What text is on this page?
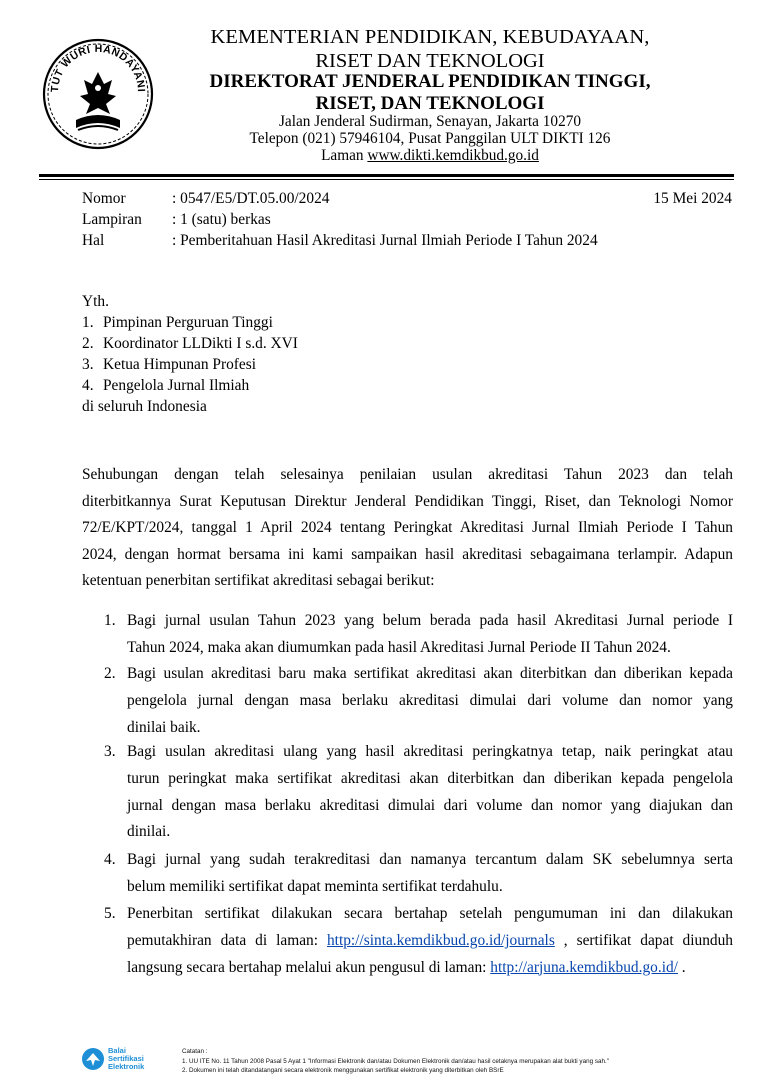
TUT WURI HANDAYANI
KEMENTERIAN PENDIDIKAN, KEBUDAYAAN,
RISET DAN TEKNOLOGI
DIREKTORAT JENDERAL PENDIDIKAN TINGGI,
RISET, DAN TEKNOLOGI
Jalan Jenderal Sudirman, Senayan, Jakarta 10270
Telepon (021) 57946104, Pusat Panggilan ULT DIKTI 126
Laman www.dikti.kemdikbud.go.id
Nomor	: 0547/E5/DT.05.00/2024	15 Mei 2024
Lampiran : 1 (satu) berkas
Hal	: Pemberitahuan Hasil Akreditasi Jurnal Ilmiah Periode I Tahun 2024
Yth.
1. Pimpinan Perguruan Tinggi
2. Koordinator LLDikti I s.d. XVI
3. Ketua Himpunan Profesi
4. Pengelola Jurnal Ilmiah
di seluruh Indonesia
Sehubungan dengan telah selesainya penilaian usulan akreditasi Tahun 2023 dan telah
diterbitkannya Surat Keputusan Direktur Jenderal Pendidikan Tinggi, Riset, dan Teknologi Nomor
72/E/KPT/2024, tanggal 1 April 2024 tentang Peringkat Akreditasi Jurnal Ilmiah Periode I Tahun
2024, dengan hormat bersama ini kami sampaikan hasil akreditasi sebagaimana terlampir. Adapun
ketentuan penerbitan sertifikat akreditasi sebagai berikut:
1. Bagi jurnal usulan Tahun 2023 yang belum berada pada hasil Akreditasi Jurnal periode I
Tahun 2024, maka akan diumumkan pada hasil Akreditasi Jurnal Periode II Tahun 2024.
2. Bagi usulan akreditasi baru maka sertifikat akreditasi akan diterbitkan dan diberikan kepada
pengelola jurnal dengan masa berlaku akreditasi dimulai dari volume dan nomor yang
dinilai baik.
3. Bagi usulan akreditasi ulang yang hasil akreditasi peringkatnya tetap, naik peringkat atau
turun peringkat maka sertifikat akreditasi akan diterbitkan dan diberikan kepada pengelola
jurnal dengan masa berlaku akreditasi dimulai dari volume dan nomor yang diajukan dan
dinilai.
4. Bagi jurnal yang sudah terakreditasi dan namanya tercantum dalam SK sebelumnya serta
belum memiliki sertifikat dapat meminta sertifikat terdahulu.
5. Penerbitan sertifikat dilakukan secara bertahap setelah pengumuman ini dan dilakukan
pemutakhiran data di laman: http://sinta.kemdikbud.go.id/journals , sertifikat dapat diunduh
langsung secara bertahap melalui akun pengusul di laman: http://arjuna.kemdikbud.go.id/ .
Balai
Sertifikasi
Elektronik
Catatan :
1. UU ITE No. 11 Tahun 2008 Pasal 5 Ayat 1 "Informasi Elektronik dan/atau Dokumen Elektronik dan/atau hasil cetaknya merupakan alat bukti yang sah."
2. Dokumen ini telah ditandatangani secara elektronik menggunakan sertifikat elektronik yang diterbitkan oleh BSrE
